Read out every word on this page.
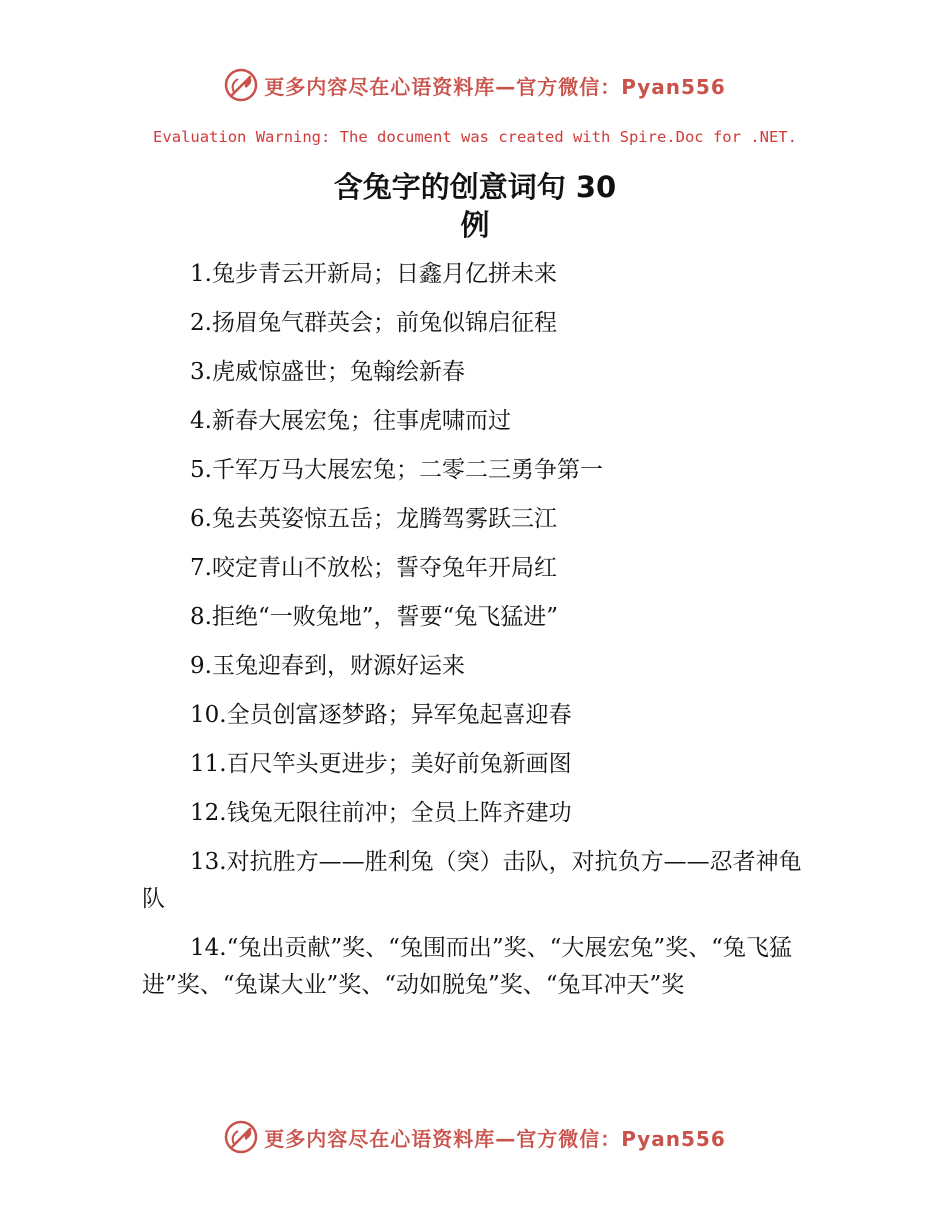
更多内容尽在心语资料库—官方微信：Pyan556
Evaluation Warning: The document was created with Spire.Doc for .NET.
含兔字的创意词句 30
例

1.兔步青云开新局；日鑫月亿拼未来

2.扬眉兔气群英会；前兔似锦启征程

3.虎威惊盛世；兔翰绘新春

4.新春大展宏兔；往事虎啸而过

5.千军万马大展宏兔；二零二三勇争第一

6.兔去英姿惊五岳；龙腾驾雾跃三江

7.咬定青山不放松；誓夺兔年开局红

8.拒绝“一败兔地”，誓要“兔飞猛进”

9.玉兔迎春到，财源好运来

10.全员创富逐梦路；异军兔起喜迎春

11.百尺竿头更进步；美好前兔新画图

12.钱兔无限往前冲；全员上阵齐建功

13.对抗胜方——胜利兔（突）击队，对抗负方——忍者神龟队

14.“兔出贡献”奖、“兔围而出”奖、“大展宏兔”奖、“兔飞猛进”奖、“兔谋大业”奖、“动如脱兔”奖、“兔耳冲天”奖

更多内容尽在心语资料库—官方微信：Pyan556
